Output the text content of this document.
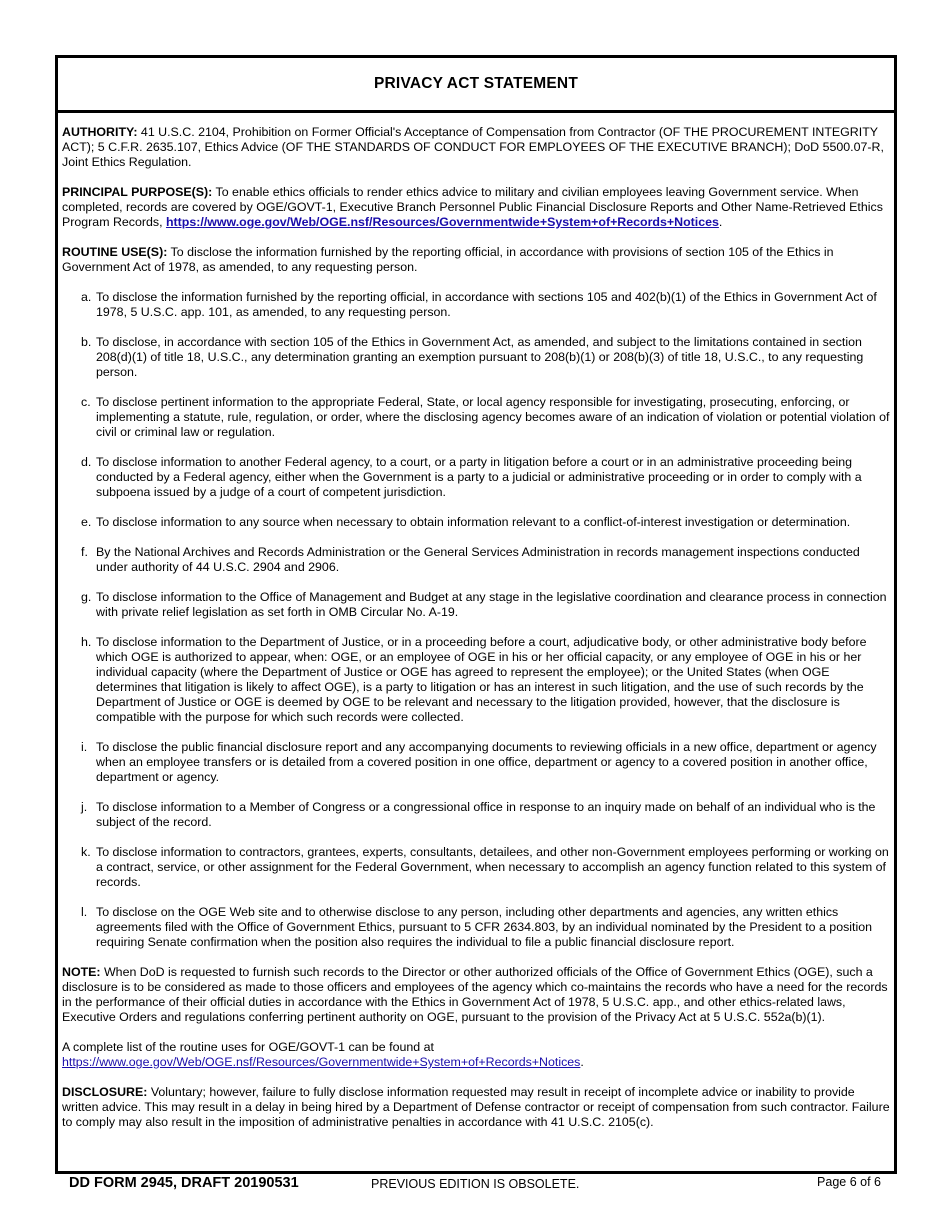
PRIVACY ACT STATEMENT

AUTHORITY: 41 U.S.C. 2104, Prohibition on Former Official's Acceptance of Compensation from Contractor (OF THE PROCUREMENT INTEGRITY ACT); 5 C.F.R. 2635.107, Ethics Advice (OF THE STANDARDS OF CONDUCT FOR EMPLOYEES OF THE EXECUTIVE BRANCH); DoD 5500.07-R, Joint Ethics Regulation.

PRINCIPAL PURPOSE(S): To enable ethics officials to render ethics advice to military and civilian employees leaving Government service. When completed, records are covered by OGE/GOVT-1, Executive Branch Personnel Public Financial Disclosure Reports and Other Name-Retrieved Ethics Program Records, https://www.oge.gov/Web/OGE.nsf/Resources/Governmentwide+System+of+Records+Notices.

ROUTINE USE(S): To disclose the information furnished by the reporting official, in accordance with provisions of section 105 of the Ethics in Government Act of 1978, as amended, to any requesting person.

a. To disclose the information furnished by the reporting official, in accordance with sections 105 and 402(b)(1) of the Ethics in Government Act of 1978, 5 U.S.C. app. 101, as amended, to any requesting person.
b. To disclose, in accordance with section 105 of the Ethics in Government Act, as amended, and subject to the limitations contained in section 208(d)(1) of title 18, U.S.C., any determination granting an exemption pursuant to 208(b)(1) or 208(b)(3) of title 18, U.S.C., to any requesting person.
c. To disclose pertinent information to the appropriate Federal, State, or local agency responsible for investigating, prosecuting, enforcing, or implementing a statute, rule, regulation, or order, where the disclosing agency becomes aware of an indication of violation or potential violation of civil or criminal law or regulation.
d. To disclose information to another Federal agency, to a court, or a party in litigation before a court or in an administrative proceeding being conducted by a Federal agency, either when the Government is a party to a judicial or administrative proceeding or in order to comply with a subpoena issued by a judge of a court of competent jurisdiction.
e. To disclose information to any source when necessary to obtain information relevant to a conflict-of-interest investigation or determination.
f. By the National Archives and Records Administration or the General Services Administration in records management inspections conducted under authority of 44 U.S.C. 2904 and 2906.
g. To disclose information to the Office of Management and Budget at any stage in the legislative coordination and clearance process in connection with private relief legislation as set forth in OMB Circular No. A-19.
h. To disclose information to the Department of Justice, or in a proceeding before a court, adjudicative body, or other administrative body before which OGE is authorized to appear, when: OGE, or an employee of OGE in his or her official capacity, or any employee of OGE in his or her individual capacity (where the Department of Justice or OGE has agreed to represent the employee); or the United States (when OGE determines that litigation is likely to affect OGE), is a party to litigation or has an interest in such litigation, and the use of such records by the Department of Justice or OGE is deemed by OGE to be relevant and necessary to the litigation provided, however, that the disclosure is compatible with the purpose for which such records were collected.
i. To disclose the public financial disclosure report and any accompanying documents to reviewing officials in a new office, department or agency when an employee transfers or is detailed from a covered position in one office, department or agency to a covered position in another office, department or agency.
j. To disclose information to a Member of Congress or a congressional office in response to an inquiry made on behalf of an individual who is the subject of the record.
k. To disclose information to contractors, grantees, experts, consultants, detailees, and other non-Government employees performing or working on a contract, service, or other assignment for the Federal Government, when necessary to accomplish an agency function related to this system of records.
l. To disclose on the OGE Web site and to otherwise disclose to any person, including other departments and agencies, any written ethics agreements filed with the Office of Government Ethics, pursuant to 5 CFR 2634.803, by an individual nominated by the President to a position requiring Senate confirmation when the position also requires the individual to file a public financial disclosure report.

NOTE: When DoD is requested to furnish such records to the Director or other authorized officials of the Office of Government Ethics (OGE), such a disclosure is to be considered as made to those officers and employees of the agency which co-maintains the records who have a need for the records in the performance of their official duties in accordance with the Ethics in Government Act of 1978, 5 U.S.C. app., and other ethics-related laws, Executive Orders and regulations conferring pertinent authority on OGE, pursuant to the provision of the Privacy Act at 5 U.S.C. 552a(b)(1).

A complete list of the routine uses for OGE/GOVT-1 can be found at https://www.oge.gov/Web/OGE.nsf/Resources/Governmentwide+System+of+Records+Notices.

DISCLOSURE: Voluntary; however, failure to fully disclose information requested may result in receipt of incomplete advice or inability to provide written advice. This may result in a delay in being hired by a Department of Defense contractor or receipt of compensation from such contractor. Failure to comply may also result in the imposition of administrative penalties in accordance with 41 U.S.C. 2105(c).

DD FORM 2945, DRAFT 20190531	PREVIOUS EDITION IS OBSOLETE.	Page 6 of 6
